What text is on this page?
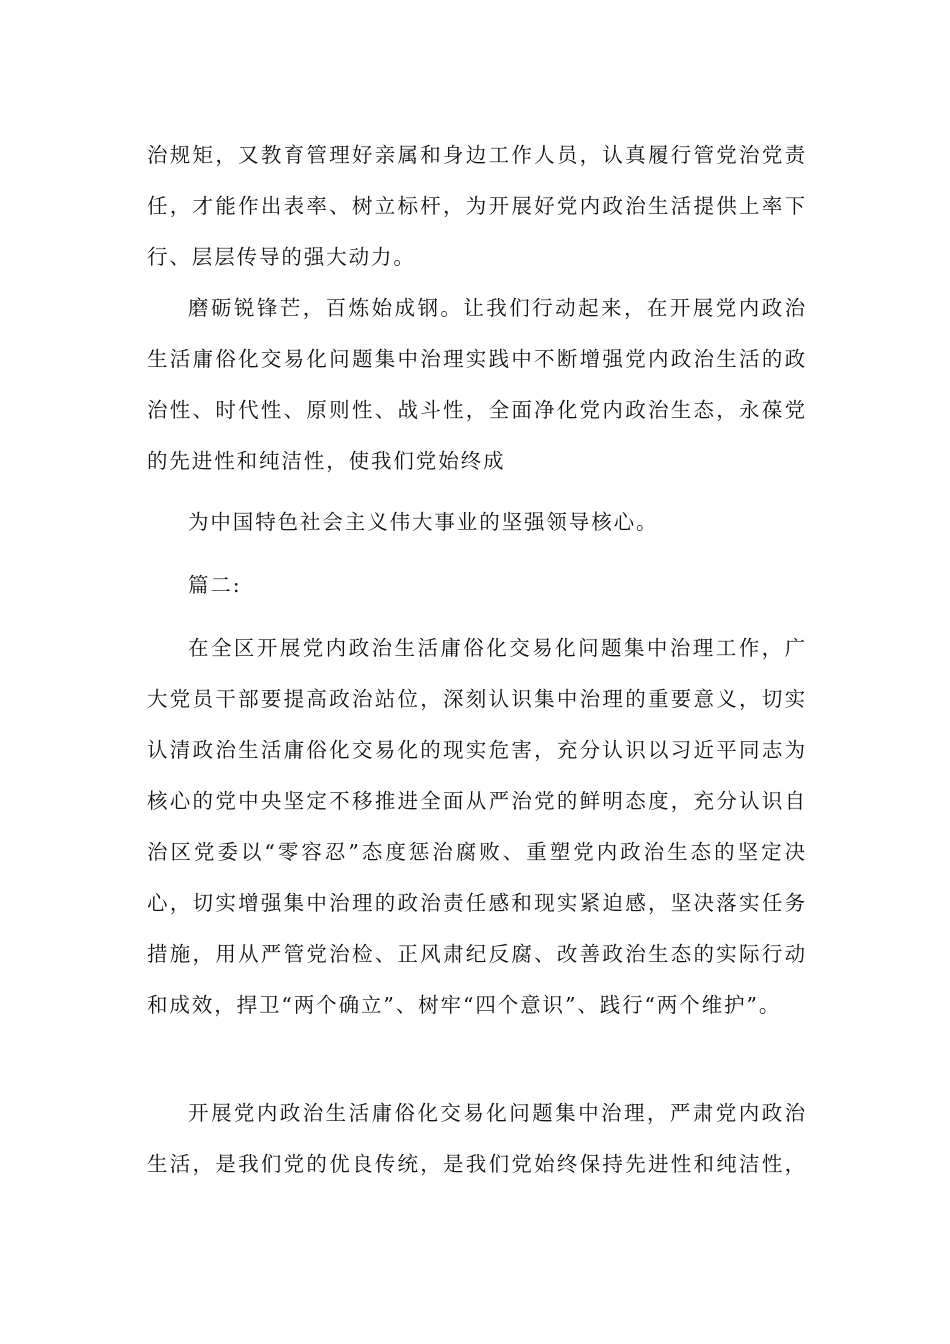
治规矩，又教育管理好亲属和身边工作人员，认真履行管党治党责任，才能作出表率、树立标杆，为开展好党内政治生活提供上率下行、层层传导的强大动力。

磨砺锐锋芒，百炼始成钢。让我们行动起来，在开展党内政治生活庸俗化交易化问题集中治理实践中不断增强党内政治生活的政治性、时代性、原则性、战斗性，全面净化党内政治生态，永葆党的先进性和纯洁性，使我们党始终成

为中国特色社会主义伟大事业的坚强领导核心。

篇二:

在全区开展党内政治生活庸俗化交易化问题集中治理工作，广大党员干部要提高政治站位，深刻认识集中治理的重要意义，切实认清政治生活庸俗化交易化的现实危害，充分认识以习近平同志为核心的党中央坚定不移推进全面从严治党的鲜明态度，充分认识自治区党委以“零容忍”态度惩治腐败、重塑党内政治生态的坚定决心，切实增强集中治理的政治责任感和现实紧迫感，坚决落实任务措施，用从严管党治检、正风肃纪反腐、改善政治生态的实际行动和成效，捍卫“两个确立”、树牢“四个意识”、践行“两个维护”。

开展党内政治生活庸俗化交易化问题集中治理，严肃党内政治生活，是我们党的优良传统，是我们党始终保持先进性和纯洁性，
